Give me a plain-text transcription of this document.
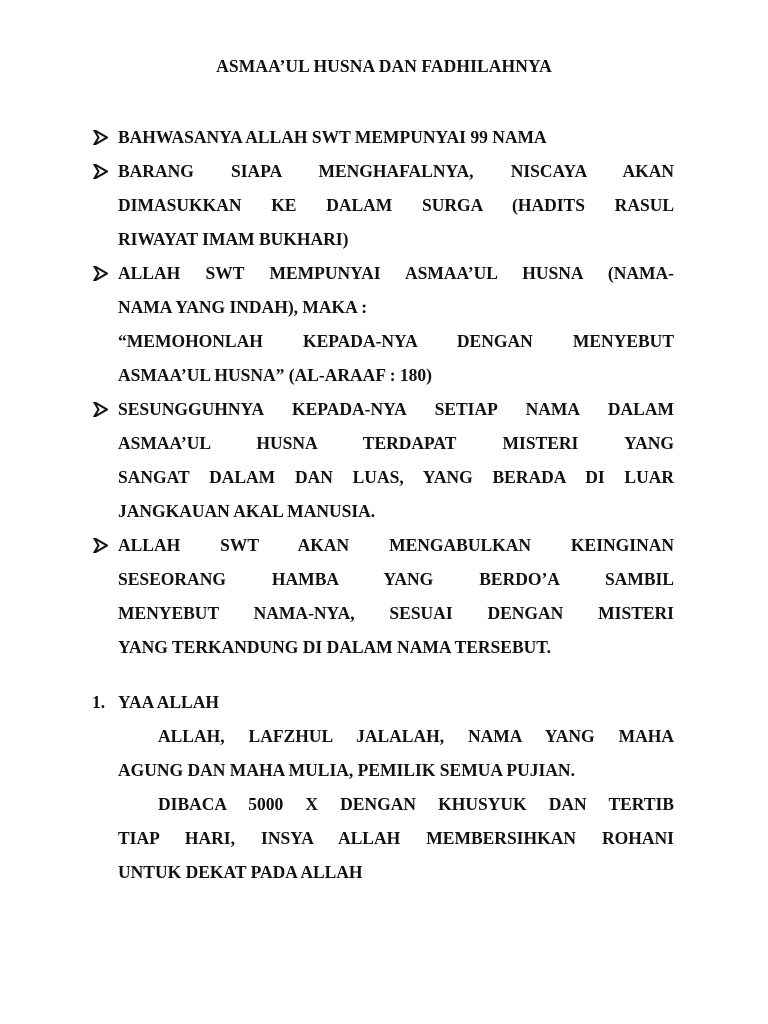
ASMAA’UL HUSNA DAN FADHILAHNYA
BAHWASANYA ALLAH SWT MEMPUNYAI 99 NAMA
BARANG SIAPA MENGHAFALNYA, NISCAYA AKAN
DIMASUKKAN KE DALAM SURGA (HADITS RASUL
RIWAYAT IMAM BUKHARI)
ALLAH SWT MEMPUNYAI ASMAA’UL HUSNA (NAMA-
NAMA YANG INDAH), MAKA :
“MEMOHONLAH KEPADA-NYA DENGAN MENYEBUT
ASMAA’UL HUSNA” (AL-ARAAF : 180)
SESUNGGUHNYA KEPADA-NYA SETIAP NAMA DALAM
ASMAA’UL HUSNA TERDAPAT MISTERI YANG
SANGAT DALAM DAN LUAS, YANG BERADA DI LUAR
JANGKAUAN AKAL MANUSIA.
ALLAH SWT AKAN MENGABULKAN KEINGINAN
SESEORANG HAMBA YANG BERDO’A SAMBIL
MENYEBUT NAMA-NYA, SESUAI DENGAN MISTERI
YANG TERKANDUNG DI DALAM NAMA TERSEBUT.
1. YAA ALLAH
ALLAH, LAFZHUL JALALAH, NAMA YANG MAHA
AGUNG DAN MAHA MULIA, PEMILIK SEMUA PUJIAN.
DIBACA 5000 X DENGAN KHUSYUK DAN TERTIB
TIAP HARI, INSYA ALLAH MEMBERSIHKAN ROHANI
UNTUK DEKAT PADA ALLAH
